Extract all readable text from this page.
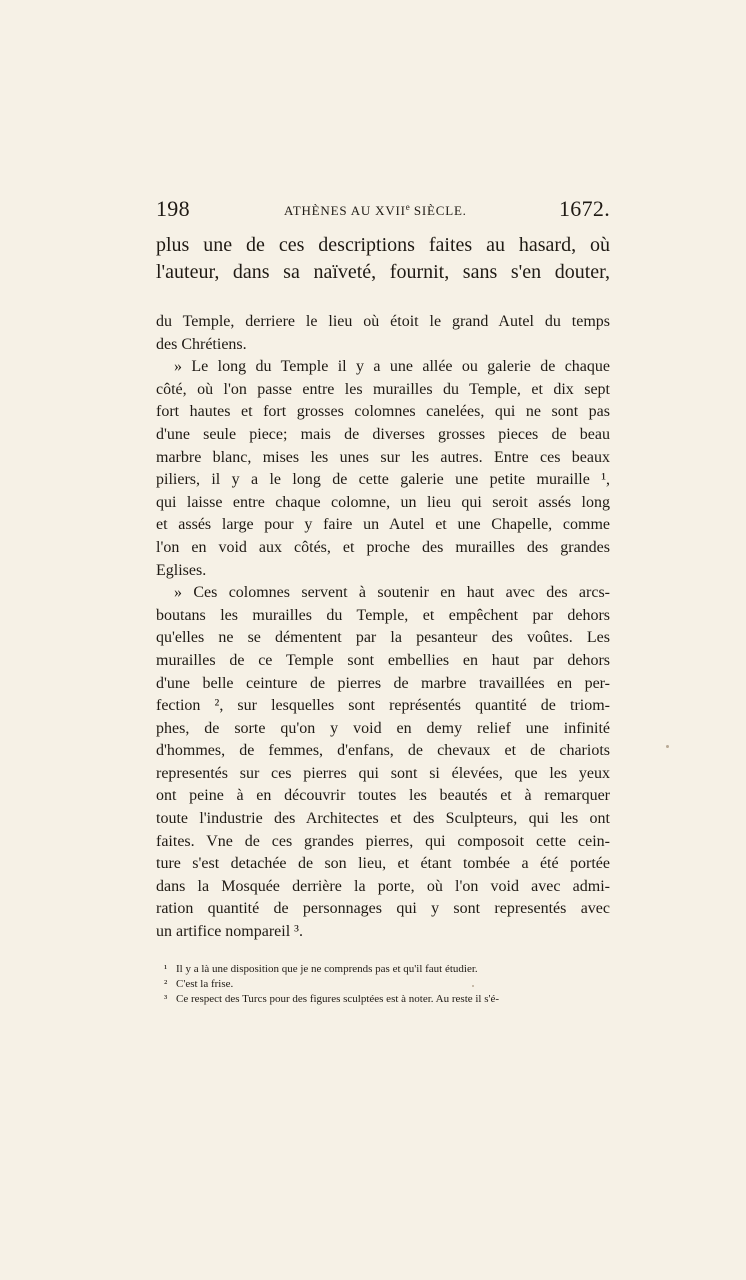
198	ATHÈNES AU XVIIe SIÈCLE.	1672.
plus une de ces descriptions faites au hasard, où
l'auteur, dans sa naïveté, fournit, sans s'en douter,
du Temple, derriere le lieu où étoit le grand Autel du temps
des Chrétiens.
» Le long du Temple il y a une allée ou galerie de chaque
côté, où l'on passe entre les murailles du Temple, et dix sept
fort hautes et fort grosses colomnes canelées, qui ne sont pas
d'une seule piece; mais de diverses grosses pieces de beau
marbre blanc, mises les unes sur les autres. Entre ces beaux
piliers, il y a le long de cette galerie une petite muraille ¹,
qui laisse entre chaque colomne, un lieu qui seroit assés long
et assés large pour y faire un Autel et une Chapelle, comme
l'on en void aux côtés, et proche des murailles des grandes
Eglises.
» Ces colomnes servent à soutenir en haut avec des arcs-
boutans les murailles du Temple, et empêchent par dehors
qu'elles ne se démentent par la pesanteur des voûtes. Les
murailles de ce Temple sont embellies en haut par dehors
d'une belle ceinture de pierres de marbre travaillées en per-
fection ², sur lesquelles sont représentés quantité de triom-
phes, de sorte qu'on y void en demy relief une infinité
d'hommes, de femmes, d'enfans, de chevaux et de chariots
representés sur ces pierres qui sont si élevées, que les yeux
ont peine à en découvrir toutes les beautés et à remarquer
toute l'industrie des Architectes et des Sculpteurs, qui les ont
faites. Vne de ces grandes pierres, qui composoit cette cein-
ture s'est detachée de son lieu, et étant tombée a été portée
dans la Mosquée derrière la porte, où l'on void avec admi-
ration quantité de personnages qui y sont representés avec
un artifice nompareil ³.
¹ Il y a là une disposition que je ne comprends pas et qu'il faut étudier.
² C'est la frise.
³ Ce respect des Turcs pour des figures sculptées est à noter. Au reste il s'é-
